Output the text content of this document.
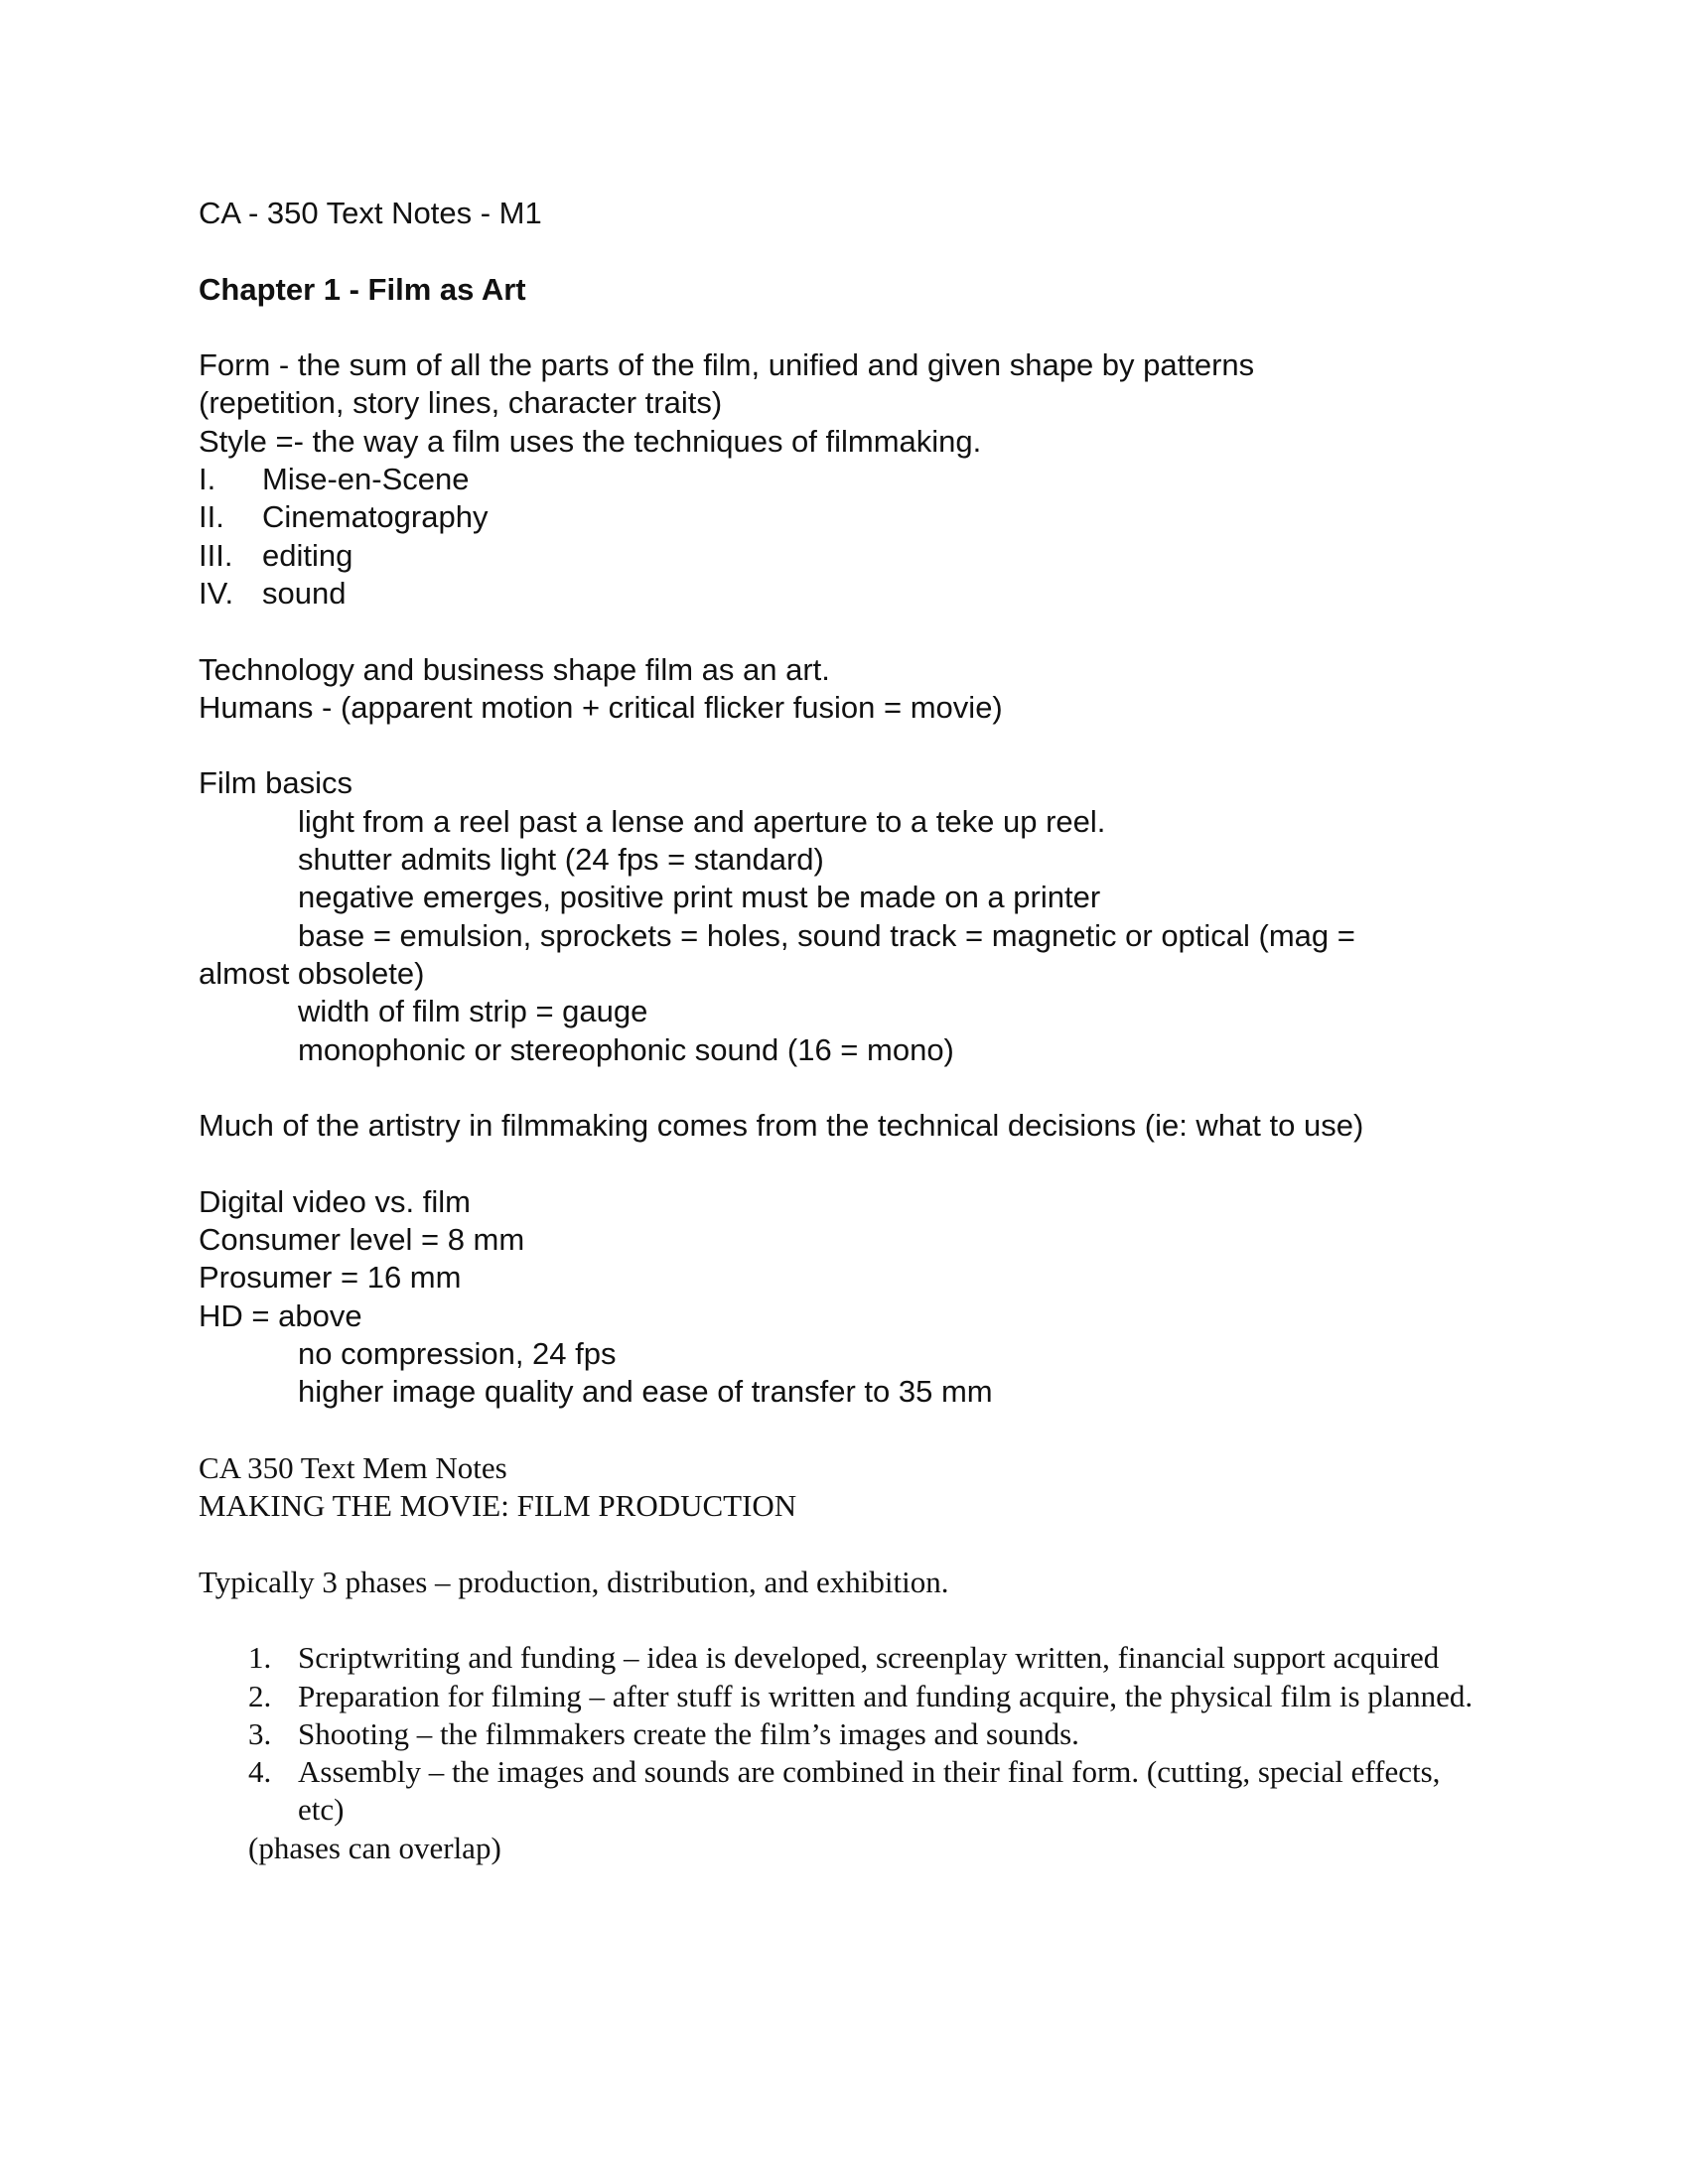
CA - 350 Text Notes - M1
Chapter 1 - Film as Art
Form - the sum of all the parts of the film, unified and given shape by patterns
(repetition, story lines, character traits)
Style =- the way a film uses the techniques of filmmaking.
I.	Mise-en-Scene
II.	Cinematography
III. editing
IV. sound
Technology and business shape film as an art.
Humans - (apparent motion + critical flicker fusion = movie)
Film basics
light from a reel past a lense and aperture to a teke up reel.
shutter admits light (24 fps = standard)
negative emerges, positive print must be made on a printer
base = emulsion, sprockets = holes, sound track = magnetic or optical (mag =
almost obsolete)
width of film strip = gauge
monophonic or stereophonic sound (16 = mono)
Much of the artistry in filmmaking comes from the technical decisions (ie: what to use)
Digital video vs. film
Consumer level = 8 mm
Prosumer = 16 mm
HD = above
no compression, 24 fps
higher image quality and ease of transfer to 35 mm
CA 350 Text Mem Notes
MAKING THE MOVIE: FILM PRODUCTION
Typically 3 phases – production, distribution, and exhibition.
1. Scriptwriting and funding – idea is developed, screenplay written, financial support acquired
2. Preparation for filming – after stuff is written and funding acquire, the physical film is planned.
3. Shooting – the filmmakers create the film’s images and sounds.
4. Assembly – the images and sounds are combined in their final form. (cutting, special effects, etc)
(phases can overlap)
